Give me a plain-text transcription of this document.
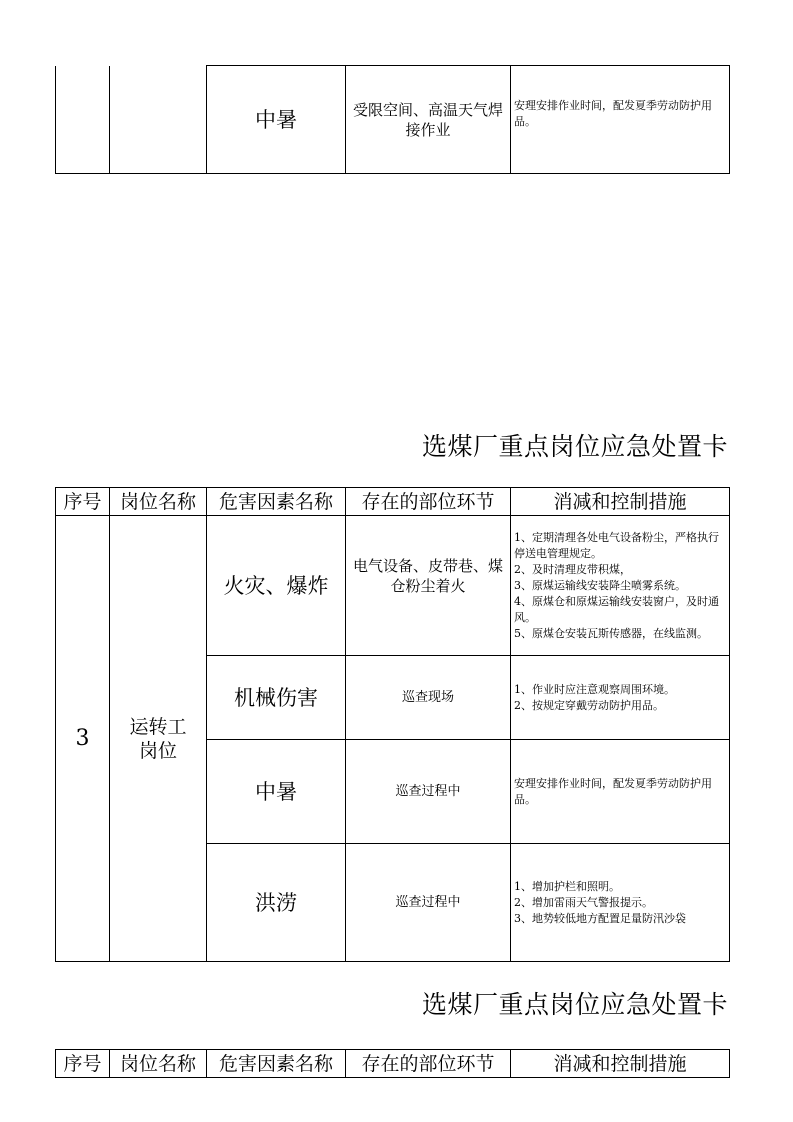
		中暑	受限空间、高温天气焊接作业	
安理安排作业时间，配发夏季劳动防护用品。
选煤厂重点岗位应急处置卡
序号	岗位名称	危害因素名称	存在的部位环节	消减和控制措施
3	运转工岗位	火灾、爆炸	电气设备、皮带巷、煤仓粉尘着火	1、定期清理各处电气设备粉尘，严格执行停送电管理规定。
2、及时清理皮带积煤，
3、原煤运输线安装降尘喷雾系统。
4、原煤仓和原煤运输线安装窗户，及时通风。
5、原煤仓安装瓦斯传感器，在线监测。

		机械伤害	巡查现场	1、作业时应注意观察周围环境。
2、按规定穿戴劳动防护用品。

		中暑	巡查过程中	安理安排作业时间，配发夏季劳动防护用品。

		洪涝	巡查过程中	1、增加护栏和照明。
2、增加雷雨天气警报提示。
3、地势较低地方配置足量防汛沙袋
选煤厂重点岗位应急处置卡
序号	岗位名称	危害因素名称	存在的部位环节	消减和控制措施
